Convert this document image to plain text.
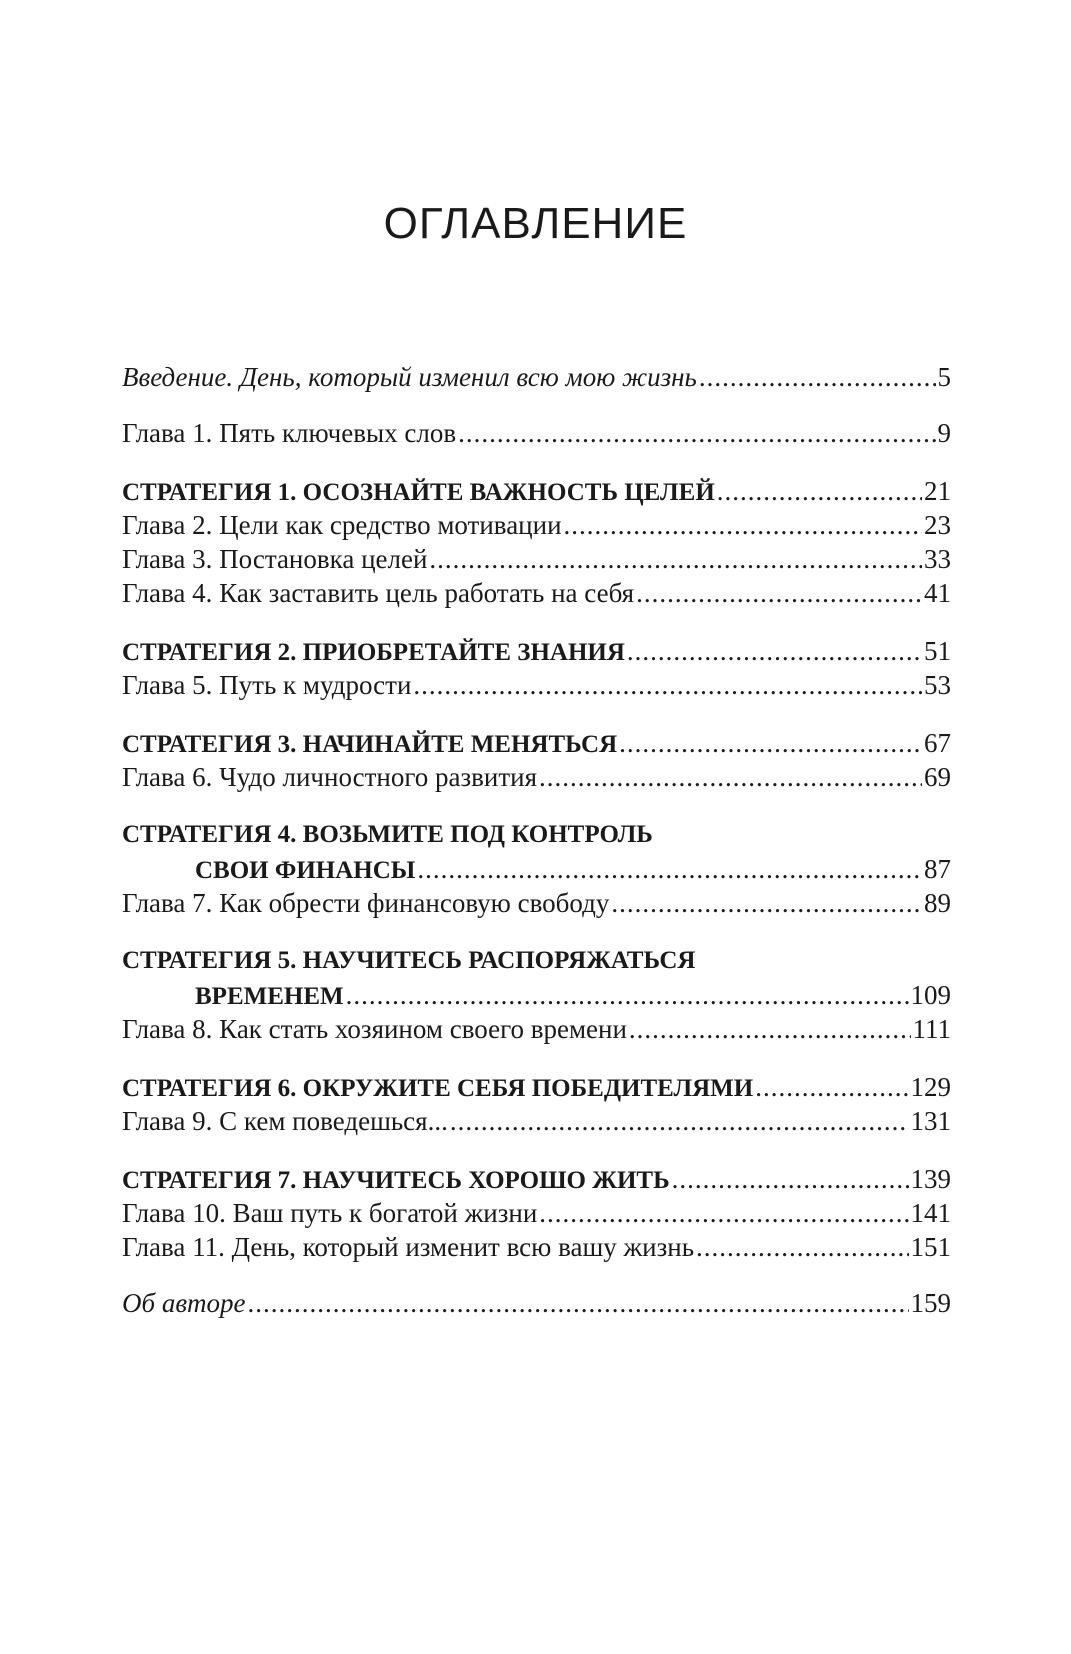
ОГЛАВЛЕНИЕ
Введение. День, который изменил всю мою жизнь .....	5
Глава 1. Пять ключевых слов .....	9
СТРАТЕГИЯ 1. ОСОЗНАЙТЕ ВАЖНОСТЬ ЦЕЛЕЙ .....	21
Глава 2. Цели как средство мотивации .....	23
Глава 3. Постановка целей .....	33
Глава 4. Как заставить цель работать на себя .....	41
СТРАТЕГИЯ 2. ПРИОБРЕТАЙТЕ ЗНАНИЯ .....	51
Глава 5. Путь к мудрости .....	53
СТРАТЕГИЯ 3. НАЧИНАЙТЕ МЕНЯТЬСЯ .....	67
Глава 6. Чудо личностного развития .....	69
СТРАТЕГИЯ 4. ВОЗЬМИТЕ ПОД КОНТРОЛЬ
СВОИ ФИНАНСЫ .....	87
Глава 7. Как обрести финансовую свободу .....	89
СТРАТЕГИЯ 5. НАУЧИТЕСЬ РАСПОРЯЖАТЬСЯ
ВРЕМЕНЕМ .....	109
Глава 8. Как стать хозяином своего времени .....	111
СТРАТЕГИЯ 6. ОКРУЖИТЕ СЕБЯ ПОБЕДИТЕЛЯМИ .....	129
Глава 9. С кем поведешься... .....	131
СТРАТЕГИЯ 7. НАУЧИТЕСЬ ХОРОШО ЖИТЬ .....	139
Глава 10. Ваш путь к богатой жизни .....	141
Глава 11. День, который изменит всю вашу жизнь .....	151
Об авторе .....	159
